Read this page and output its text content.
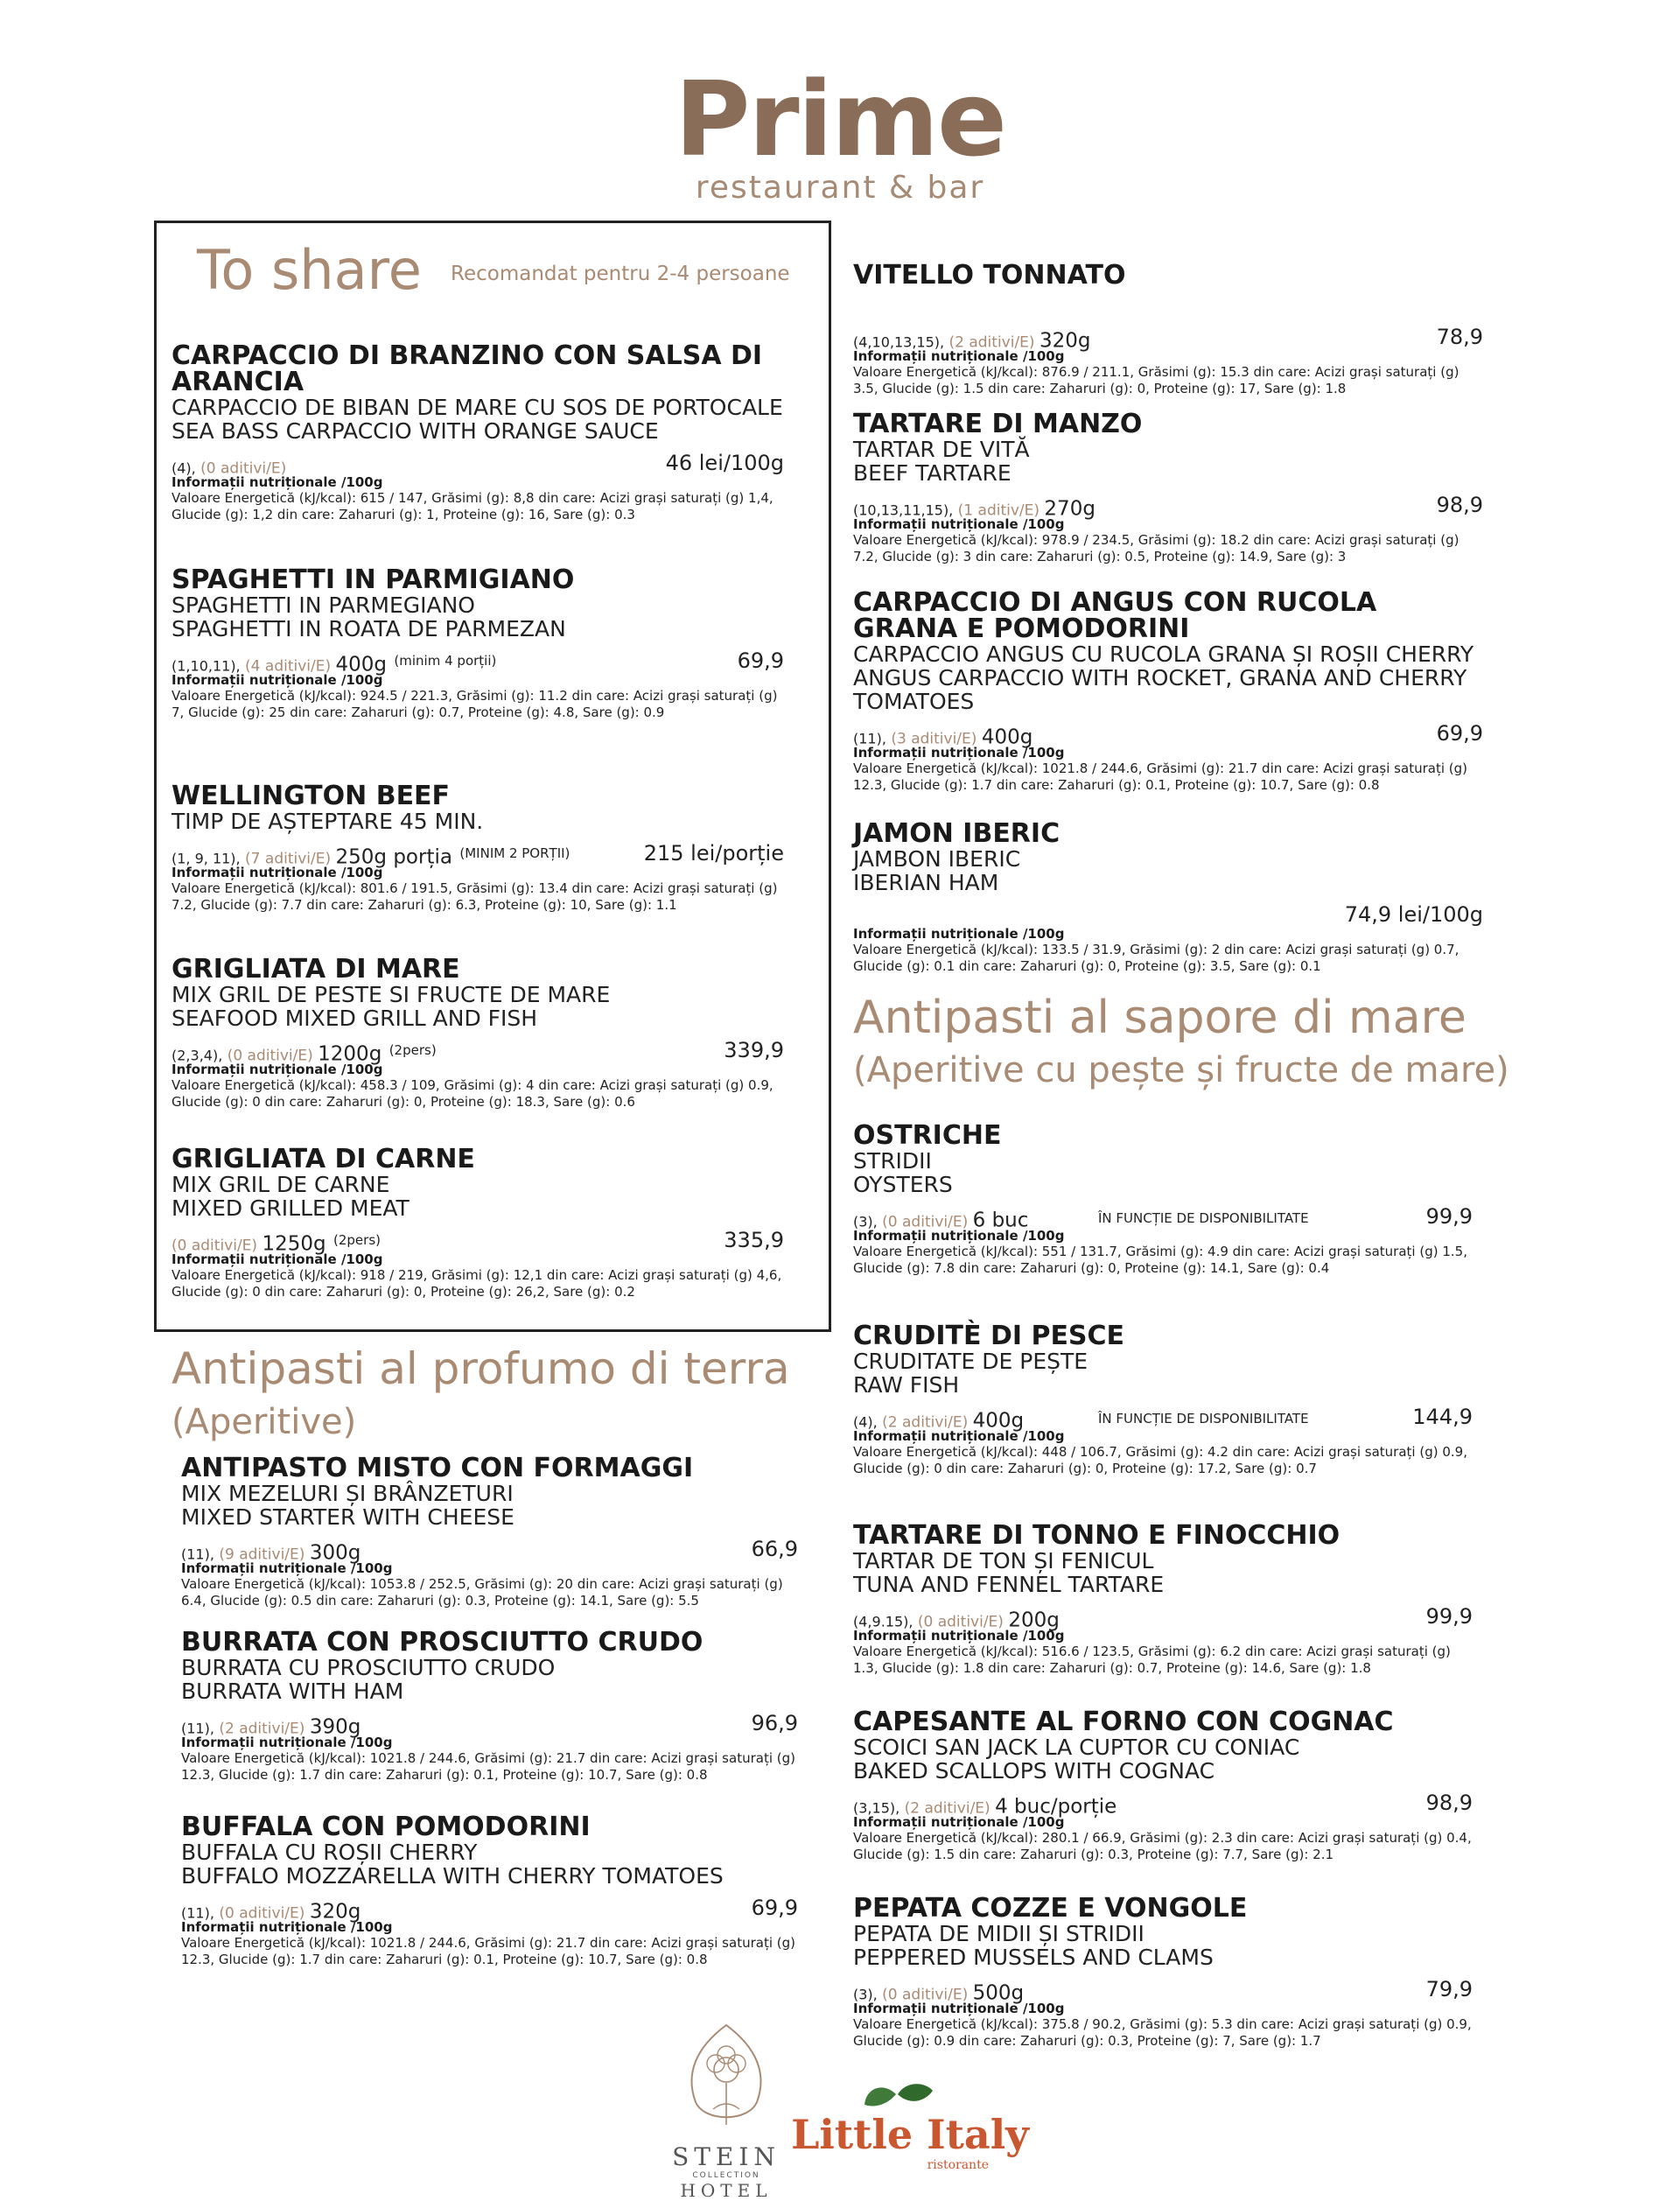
Prime
restaurant & bar
To share Recomandat pentru 2-4 persoane
CARPACCIO DI BRANZINO CON SALSA DI ARANCIA
CARPACCIO DE BIBAN DE MARE CU SOS DE PORTOCALE
SEA BASS CARPACCIO WITH ORANGE SAUCE
(4), (0 aditivi/E)	46 lei/100g
Informații nutriționale /100g
Valoare Energetică (kJ/kcal): 615 / 147, Grăsimi (g): 8,8 din care: Acizi grași saturați (g) 1,4, Glucide (g): 1,2 din care: Zaharuri (g): 1, Proteine (g): 16, Sare (g): 0.3
SPAGHETTI IN PARMIGIANO
SPAGHETTI IN PARMEGIANO
SPAGHETTI IN ROATA DE PARMEZAN
(1,10,11), (4 aditivi/E) 400g $^{(minim 4 porții)}$	69,9
Informații nutriționale /100g
Valoare Energetică (kJ/kcal): 924.5 / 221.3, Grăsimi (g): 11.2 din care: Acizi grași saturați (g) 7, Glucide (g): 25 din care: Zaharuri (g): 0.7, Proteine (g): 4.8, Sare (g): 0.9
WELLINGTON BEEF
TIMP DE AȘTEPTARE 45 MIN.
(1, 9, 11), (7 aditivi/E) 250g porția $^{(MINIM 2 PORȚII)}$	215 lei/porție
Informații nutriționale /100g
Valoare Energetică (kJ/kcal): 801.6 / 191.5, Grăsimi (g): 13.4 din care: Acizi grași saturați (g) 7.2, Glucide (g): 7.7 din care: Zaharuri (g): 6.3, Proteine (g): 10, Sare (g): 1.1
GRIGLIATA DI MARE
MIX GRIL DE PESTE SI FRUCTE DE MARE
SEAFOOD MIXED GRILL AND FISH
(2,3,4), (0 aditivi/E) 1200g $^{(2pers)}$	339,9
Informații nutriționale /100g
Valoare Energetică (kJ/kcal): 458.3 / 109, Grăsimi (g): 4 din care: Acizi grași saturați (g) 0.9, Glucide (g): 0 din care: Zaharuri (g): 0, Proteine (g): 18.3, Sare (g): 0.6
GRIGLIATA DI CARNE
MIX GRIL DE CARNE
MIXED GRILLED MEAT
(0 aditivi/E) 1250g $^{(2pers)}$	335,9
Informații nutriționale /100g
Valoare Energetică (kJ/kcal): 918 / 219, Grăsimi (g): 12,1 din care: Acizi grași saturați (g) 4,6, Glucide (g): 0 din care: Zaharuri (g): 0, Proteine (g): 26,2, Sare (g): 0.2
Antipasti al profumo di terra
(Aperitive)
ANTIPASTO MISTO CON FORMAGGI
MIX MEZELURI ȘI BRÂNZETURI
MIXED STARTER WITH CHEESE
(11), (9 aditivi/E) 300g	66,9
Informații nutriționale /100g
Valoare Energetică (kJ/kcal): 1053.8 / 252.5, Grăsimi (g): 20 din care: Acizi grași saturați (g) 6.4, Glucide (g): 0.5 din care: Zaharuri (g): 0.3, Proteine (g): 14.1, Sare (g): 5.5
BURRATA CON PROSCIUTTO CRUDO
BURRATA CU PROSCIUTTO CRUDO
BURRATA WITH HAM
(11), (2 aditivi/E) 390g	96,9
Informații nutriționale /100g
Valoare Energetică (kJ/kcal): 1021.8 / 244.6, Grăsimi (g): 21.7 din care: Acizi grași saturați (g) 12.3, Glucide (g): 1.7 din care: Zaharuri (g): 0.1, Proteine (g): 10.7, Sare (g): 0.8
BUFFALA CON POMODORINI
BUFFALA CU ROȘII CHERRY
BUFFALO MOZZARELLA WITH CHERRY TOMATOES
(11), (0 aditivi/E) 320g	69,9
Informații nutriționale /100g
Valoare Energetică (kJ/kcal): 1021.8 / 244.6, Grăsimi (g): 21.7 din care: Acizi grași saturați (g) 12.3, Glucide (g): 1.7 din care: Zaharuri (g): 0.1, Proteine (g): 10.7, Sare (g): 0.8
VITELLO TONNATO
(4,10,13,15), (2 aditivi/E) 320g	78,9
Informații nutriționale /100g
Valoare Energetică (kJ/kcal): 876.9 / 211.1, Grăsimi (g): 15.3 din care: Acizi grași saturați (g) 3.5, Glucide (g): 1.5 din care: Zaharuri (g): 0, Proteine (g): 17, Sare (g): 1.8
TARTARE DI MANZO
TARTAR DE VITĂ
BEEF TARTARE
(10,13,11,15), (1 aditiv/E) 270g	98,9
Informații nutriționale /100g
Valoare Energetică (kJ/kcal): 978.9 / 234.5, Grăsimi (g): 18.2 din care: Acizi grași saturați (g) 7.2, Glucide (g): 3 din care: Zaharuri (g): 0.5, Proteine (g): 14.9, Sare (g): 3
CARPACCIO DI ANGUS CON RUCOLA GRANA E POMODORINI
CARPACCIO ANGUS CU RUCOLA GRANA ȘI ROȘII CHERRY
ANGUS CARPACCIO WITH ROCKET, GRANA AND CHERRY TOMATOES
(11), (3 aditivi/E) 400g	69,9
Informații nutriționale /100g
Valoare Energetică (kJ/kcal): 1021.8 / 244.6, Grăsimi (g): 21.7 din care: Acizi grași saturați (g) 12.3, Glucide (g): 1.7 din care: Zaharuri (g): 0.1, Proteine (g): 10.7, Sare (g): 0.8
JAMON IBERIC
JAMBON IBERIC
IBERIAN HAM
74,9 lei/100g
Informații nutriționale /100g
Valoare Energetică (kJ/kcal): 133.5 / 31.9, Grăsimi (g): 2 din care: Acizi grași saturați (g) 0.7, Glucide (g): 0.1 din care: Zaharuri (g): 0, Proteine (g): 3.5, Sare (g): 0.1
Antipasti al sapore di mare
(Aperitive cu pește și fructe de mare)
OSTRICHE
STRIDII
OYSTERS
(3), (0 aditivi/E) 6 buc	ÎN FUNCȚIE DE DISPONIBILITATE	99,9
Informații nutriționale /100g
Valoare Energetică (kJ/kcal): 551 / 131.7, Grăsimi (g): 4.9 din care: Acizi grași saturați (g) 1.5, Glucide (g): 7.8 din care: Zaharuri (g): 0, Proteine (g): 14.1, Sare (g): 0.4
CRUDITÈ DI PESCE
CRUDITATE DE PEȘTE
RAW FISH
(4), (2 aditivi/E) 400g	ÎN FUNCȚIE DE DISPONIBILITATE	144,9
Informații nutriționale /100g
Valoare Energetică (kJ/kcal): 448 / 106.7, Grăsimi (g): 4.2 din care: Acizi grași saturați (g) 0.9, Glucide (g): 0 din care: Zaharuri (g): 0, Proteine (g): 17.2, Sare (g): 0.7
TARTARE DI TONNO E FINOCCHIO
TARTAR DE TON ȘI FENICUL
TUNA AND FENNEL TARTARE
(4,9.15), (0 aditivi/E) 200g	99,9
Informații nutriționale /100g
Valoare Energetică (kJ/kcal): 516.6 / 123.5, Grăsimi (g): 6.2 din care: Acizi grași saturați (g) 1.3, Glucide (g): 1.8 din care: Zaharuri (g): 0.7, Proteine (g): 14.6, Sare (g): 1.8
CAPESANTE AL FORNO CON COGNAC
SCOICI SAN JACK LA CUPTOR CU CONIAC
BAKED SCALLOPS WITH COGNAC
(3,15), (2 aditivi/E) 4 buc/porție	98,9
Informații nutriționale /100g
Valoare Energetică (kJ/kcal): 280.1 / 66.9, Grăsimi (g): 2.3 din care: Acizi grași saturați (g) 0.4, Glucide (g): 1.5 din care: Zaharuri (g): 0.3, Proteine (g): 7.7, Sare (g): 2.1
PEPATA COZZE E VONGOLE
PEPATA DE MIDII ȘI STRIDII
PEPPERED MUSSELS AND CLAMS
(3), (0 aditivi/E) 500g	79,9
Informații nutriționale /100g
Valoare Energetică (kJ/kcal): 375.8 / 90.2, Grăsimi (g): 5.3 din care: Acizi grași saturați (g) 0.9, Glucide (g): 0.9 din care: Zaharuri (g): 0.3, Proteine (g): 7, Sare (g): 1.7
STEIN
COLLECTION
HOTEL
Little Italy
ristorante
